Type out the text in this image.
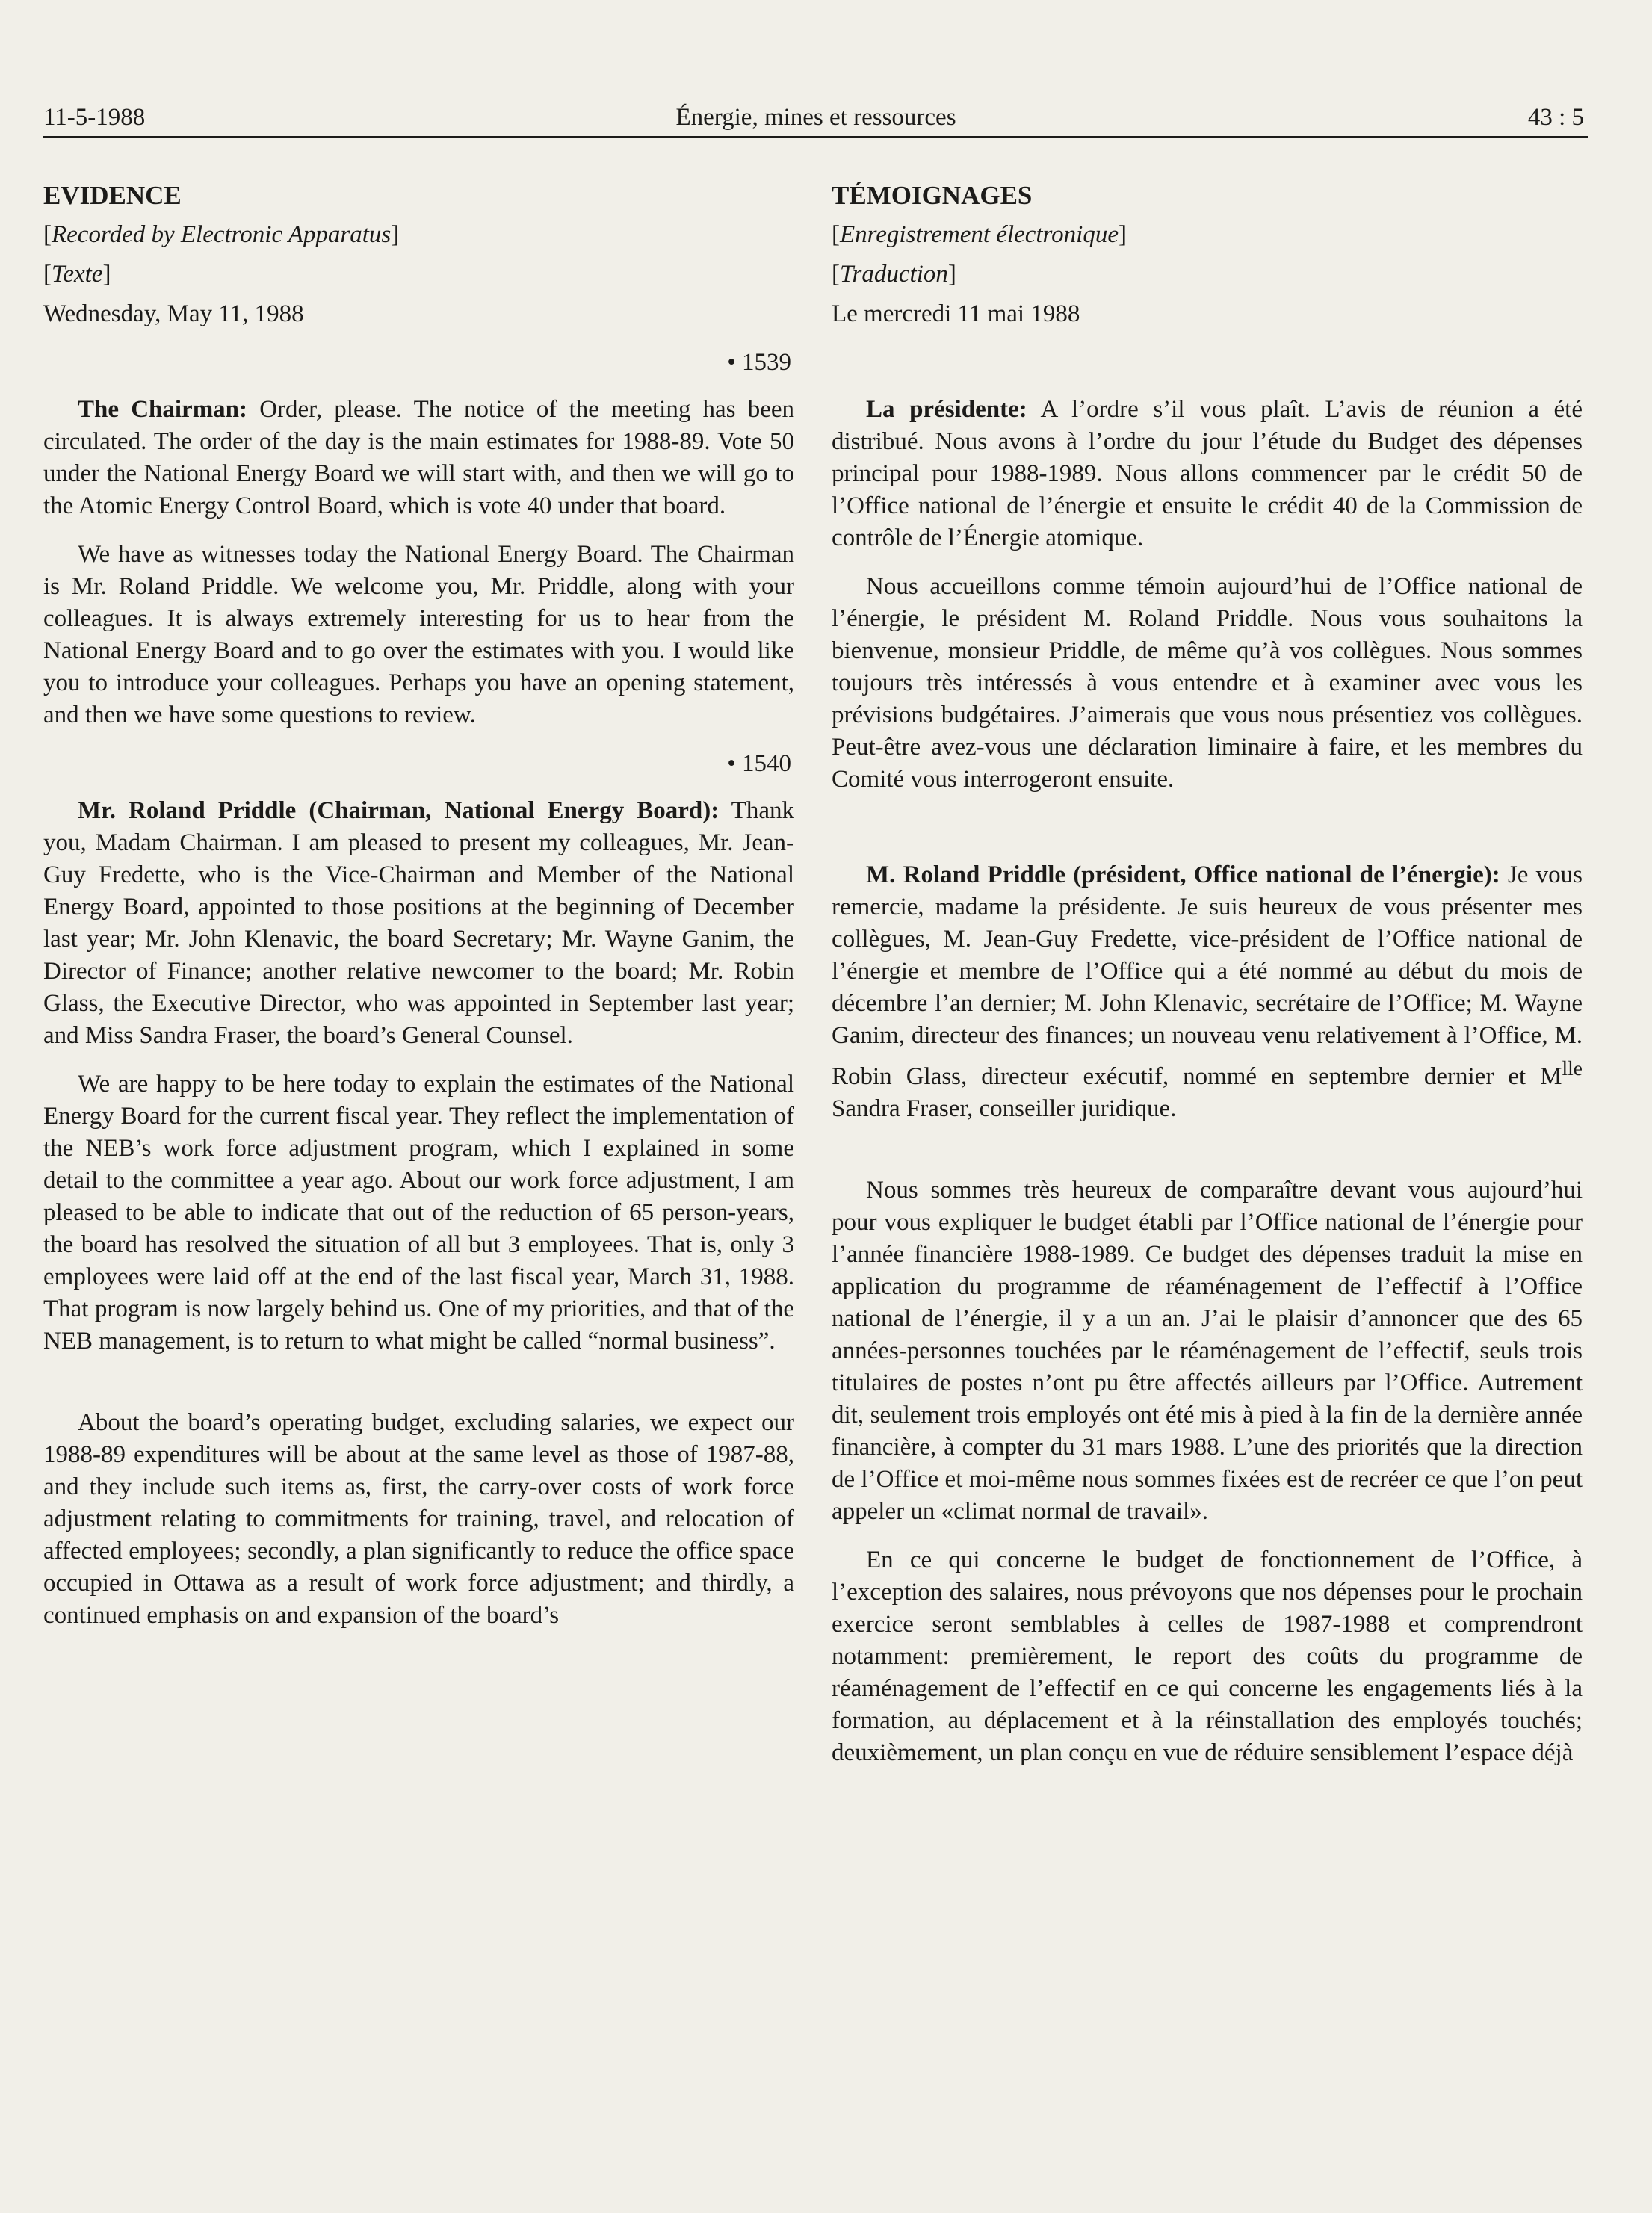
11-5-1988	Énergie, mines et ressources	43 : 5
EVIDENCE
[ Recorded by Electronic Apparatus ]
[ Texte ]
Wednesday, May 11, 1988
• 1539

The Chairman: Order, please. The notice of the meeting has been circulated. The order of the day is the main estimates for 1988-89. Vote 50 under the National Energy Board we will start with, and then we will go to the Atomic Energy Control Board, which is vote 40 under that board.

We have as witnesses today the National Energy Board. The Chairman is Mr. Roland Priddle. We welcome you, Mr. Priddle, along with your colleagues. It is always extremely interesting for us to hear from the National Energy Board and to go over the estimates with you. I would like you to introduce your colleagues. Perhaps you have an opening statement, and then we have some questions to review.

• 1540

Mr. Roland Priddle (Chairman, National Energy Board): Thank you, Madam Chairman. I am pleased to present my colleagues, Mr. Jean-Guy Fredette, who is the Vice-Chairman and Member of the National Energy Board, appointed to those positions at the beginning of December last year; Mr. John Klenavic, the board Secretary; Mr. Wayne Ganim, the Director of Finance; another relative newcomer to the board; Mr. Robin Glass, the Executive Director, who was appointed in September last year; and Miss Sandra Fraser, the board’s General Counsel.

We are happy to be here today to explain the estimates of the National Energy Board for the current fiscal year. They reflect the implementation of the NEB’s work force adjustment program, which I explained in some detail to the committee a year ago. About our work force adjustment, I am pleased to be able to indicate that out of the reduction of 65 person-years, the board has resolved the situation of all but 3 employees. That is, only 3 employees were laid off at the end of the last fiscal year, March 31, 1988. That program is now largely behind us. One of my priorities, and that of the NEB management, is to return to what might be called “normal business”.

About the board’s operating budget, excluding salaries, we expect our 1988-89 expenditures will be about at the same level as those of 1987-88, and they include such items as, first, the carry-over costs of work force adjustment relating to commitments for training, travel, and relocation of affected employees; secondly, a plan significantly to reduce the office space occupied in Ottawa as a result of work force adjustment; and thirdly, a continued emphasis on and expansion of the board’s

TÉMOIGNAGES
[ Enregistrement électronique ]
[ Traduction ]
Le mercredi 11 mai 1988

La présidente: A l’ordre s’il vous plaît. L’avis de réunion a été distribué. Nous avons à l’ordre du jour l’étude du Budget des dépenses principal pour 1988-1989. Nous allons commencer par le crédit 50 de l’Office national de l’énergie et ensuite le crédit 40 de la Commission de contrôle de l’Énergie atomique.

Nous accueillons comme témoin aujourd’hui de l’Office national de l’énergie, le président M. Roland Priddle. Nous vous souhaitons la bienvenue, monsieur Priddle, de même qu’à vos collègues. Nous sommes toujours très intéressés à vous entendre et à examiner avec vous les prévisions budgétaires. J’aimerais que vous nous présentiez vos collègues. Peut-être avez-vous une déclaration liminaire à faire, et les membres du Comité vous interrogeront ensuite.

M. Roland Priddle (président, Office national de l’énergie): Je vous remercie, madame la présidente. Je suis heureux de vous présenter mes collègues, M. Jean-Guy Fredette, vice-président de l’Office national de l’énergie et membre de l’Office qui a été nommé au début du mois de décembre l’an dernier; M. John Klenavic, secrétaire de l’Office; M. Wayne Ganim, directeur des finances; un nouveau venu relativement à l’Office, M. Robin Glass, directeur exécutif, nommé en septembre dernier et $M^{lle}$ Sandra Fraser, conseiller juridique.

Nous sommes très heureux de comparaître devant vous aujourd’hui pour vous expliquer le budget établi par l’Office national de l’énergie pour l’année financière 1988-1989. Ce budget des dépenses traduit la mise en application du programme de réaménagement de l’effectif à l’Office national de l’énergie, il y a un an. J’ai le plaisir d’annoncer que des 65 années-personnes touchées par le réaménagement de l’effectif, seuls trois titulaires de postes n’ont pu être affectés ailleurs par l’Office. Autrement dit, seulement trois employés ont été mis à pied à la fin de la dernière année financière, à compter du 31 mars 1988. L’une des priorités que la direction de l’Office et moi-même nous sommes fixées est de recréer ce que l’on peut appeler un «climat normal de travail».

En ce qui concerne le budget de fonctionnement de l’Office, à l’exception des salaires, nous prévoyons que nos dépenses pour le prochain exercice seront semblables à celles de 1987-1988 et comprendront notamment: premièrement, le report des coûts du programme de réaménagement de l’effectif en ce qui concerne les engagements liés à la formation, au déplacement et à la réinstallation des employés touchés; deuxièmement, un plan conçu en vue de réduire sensiblement l’espace déjà
